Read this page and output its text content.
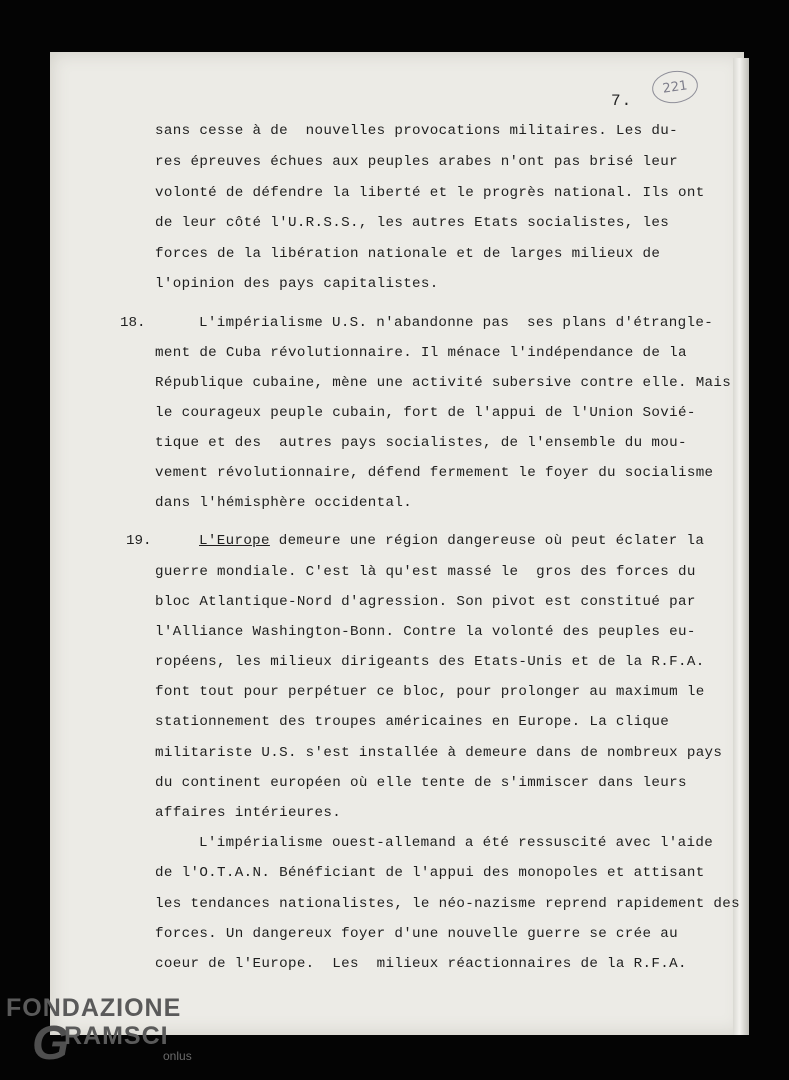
7.
221
sans cesse à de  nouvelles provocations militaires. Les du-
res épreuves échues aux peuples arabes n'ont pas brisé leur
volonté de défendre la liberté et le progrès national. Ils ont
de leur côté l'U.R.S.S., les autres Etats socialistes, les
forces de la libération nationale et de larges milieux de
l'opinion des pays capitalistes.
18.	L'impérialisme U.S. n'abandonne pas  ses plans d'étrangle-
ment de Cuba révolutionnaire. Il ménace l'indépendance de la
République cubaine, mène une activité subersive contre elle. Mais
le courageux peuple cubain, fort de l'appui de l'Union Sovié-
tique et des  autres pays socialistes, de l'ensemble du mou-
vement révolutionnaire, défend fermement le foyer du socialisme
dans l'hémisphère occidental.
19.	L'Europe demeure une région dangereuse où peut éclater la
guerre mondiale. C'est là qu'est massé le  gros des forces du
bloc Atlantique-Nord d'agression. Son pivot est constitué par
l'Alliance Washington-Bonn. Contre la volonté des peuples eu-
ropéens, les milieux dirigeants des Etats-Unis et de la R.F.A.
font tout pour perpétuer ce bloc, pour prolonger au maximum le
stationnement des troupes américaines en Europe. La clique
militariste U.S. s'est installée à demeure dans de nombreux pays
du continent européen où elle tente de s'immiscer dans leurs
affaires intérieures.
L'impérialisme ouest-allemand a été ressuscité avec l'aide
de l'O.T.A.N. Bénéficiant de l'appui des monopoles et attisant
les tendances nationalistes, le néo-nazisme reprend rapidement des
forces. Un dangereux foyer d'une nouvelle guerre se crée au
coeur de l'Europe.  Les  milieux réactionnaires de la R.F.A.
FONDAZIONE
G
RAMSCI
onlus
